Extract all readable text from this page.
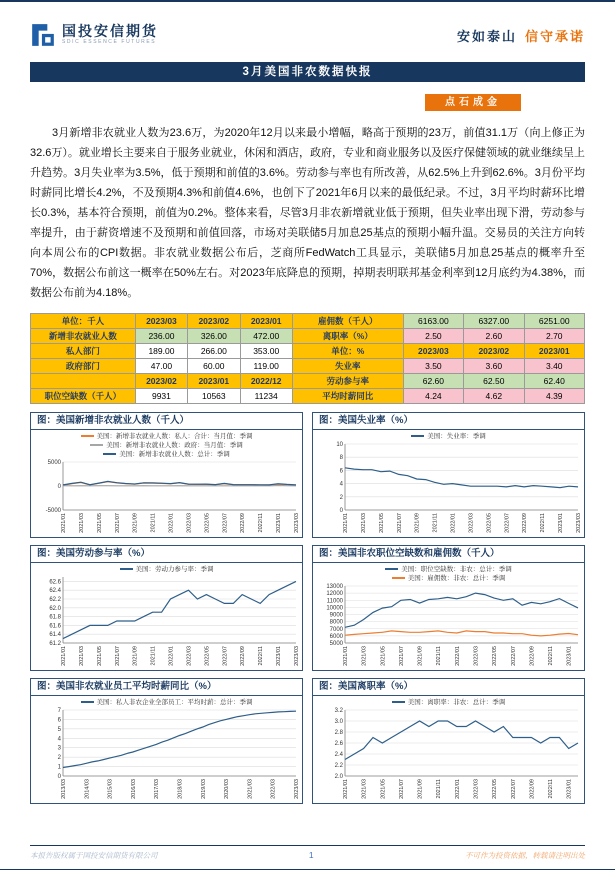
国投安信期货
SDIC ESSENCE FUTURES	安如泰山 信守承诺
3月美国非农数据快报
点石成金

3月新增非农就业人数为23.6万，为2020年12月以来最小增幅，略高于预期的23万，前值31.1万（向上修正为32.6万）。就业增长主要来自于服务业就业，休闲和酒店，政府，专业和商业服务以及医疗保健领域的就业继续呈上升趋势。3月失业率为3.5%，低于预期和前值的3.6%。劳动参与率也有所改善，从62.5%上升到62.6%。3月份平均时薪同比增长4.2%，不及预期4.3%和前值4.6%，也创下了2021年6月以来的最低纪录。不过，3月平均时薪环比增长0.3%，基本符合预期，前值为0.2%。整体来看，尽管3月非农新增就业低于预期，但失业率出现下滑，劳动参与率提升，由于薪资增速不及预期和前值回落，市场对美联储5月加息25基点的预期小幅升温。交易员的关注方向转向本周公布的CPI数据。非农就业数据公布后，芝商所FedWatch工具显示，美联储5月加息25基点的概率升至70%，数据公布前这一概率在50%左右。对2023年底降息的预期，掉期表明联邦基金利率到12月底约为4.38%，而数据公布前为4.18%。

单位：千人	2023/03	2023/02	2023/01	雇佣数（千人）	6163.00	6327.00	6251.00
新增非农就业人数	236.00	326.00	472.00	离职率（%）	2.50	2.60	2.70
私人部门	189.00	266.00	353.00	单位：%	2023/03	2023/02	2023/01
政府部门	47.00	60.00	119.00	失业率	3.50	3.60	3.40
	2023/02	2023/01	2022/12	劳动参与率	62.60	62.50	62.40
职位空缺数（千人）	9931	10563	11234	平均时薪同比	4.24	4.62	4.39
图：美国新增非农就业人数（千人）
美国：新增非农就业人数：私人：合计：当月值：季调
美国：新增非农就业人数：政府：当月值：季调
美国：新增非农就业人数：总计：季调
5000
0
-5000
2021/01 2021/03 2021/05 2021/07 2021/09 2021/11 2022/01 2022/03 2022/05 2022/07 2022/09 2022/11 2023/01 2023/03
图：美国失业率（%）
美国：失业率：季调
10
8
6
4
2
0
2021/01 2021/03 2021/05 2021/07 2021/09 2021/11 2022/01 2022/03 2022/05 2022/07 2022/09 2022/11 2023/01 2023/03
图：美国劳动参与率（%）
美国：劳动力参与率：季调
62.6
62.4
62.2
62.0
61.8
61.6
61.4
61.2
2021/01 2021/03 2021/05 2021/07 2021/09 2021/11 2022/01 2022/03 2022/05 2022/07 2022/09 2022/11 2023/01 2023/03
图：美国非农职位空缺数和雇佣数（千人）
美国：职位空缺数：非农：总计：季调
美国：雇佣数：非农：总计：季调
13000
12000
11000
10000
9000
8000
7000
6000
5000
2021/01 2021/03 2021/05 2021/07 2021/09 2021/11 2022/01 2022/03 2022/05 2022/07 2022/09 2022/11 2023/01
图：美国非农就业员工平均时薪同比（%）
美国：私人非农企业全部员工：平均时薪：总计：季调
7
6
5
4
3
2
1
0
2013/03	2014/03	2015/03	2016/03	2017/03	2018/03	2019/03	2020/03	2021/03	2022/03	2023/03
图：美国离职率（%）
美国：离职率：非农：总计：季调
3.2
3.0
2.8
2.6
2.4
2.2
2.0
2021/01 2021/03 2021/05 2021/07 2021/09 2021/11 2022/01 2022/03 2022/05 2022/07 2022/09 2022/11 2023/01
本报告版权属于国投安信期货有限公司	1	不可作为投资依据，转载请注明出处
